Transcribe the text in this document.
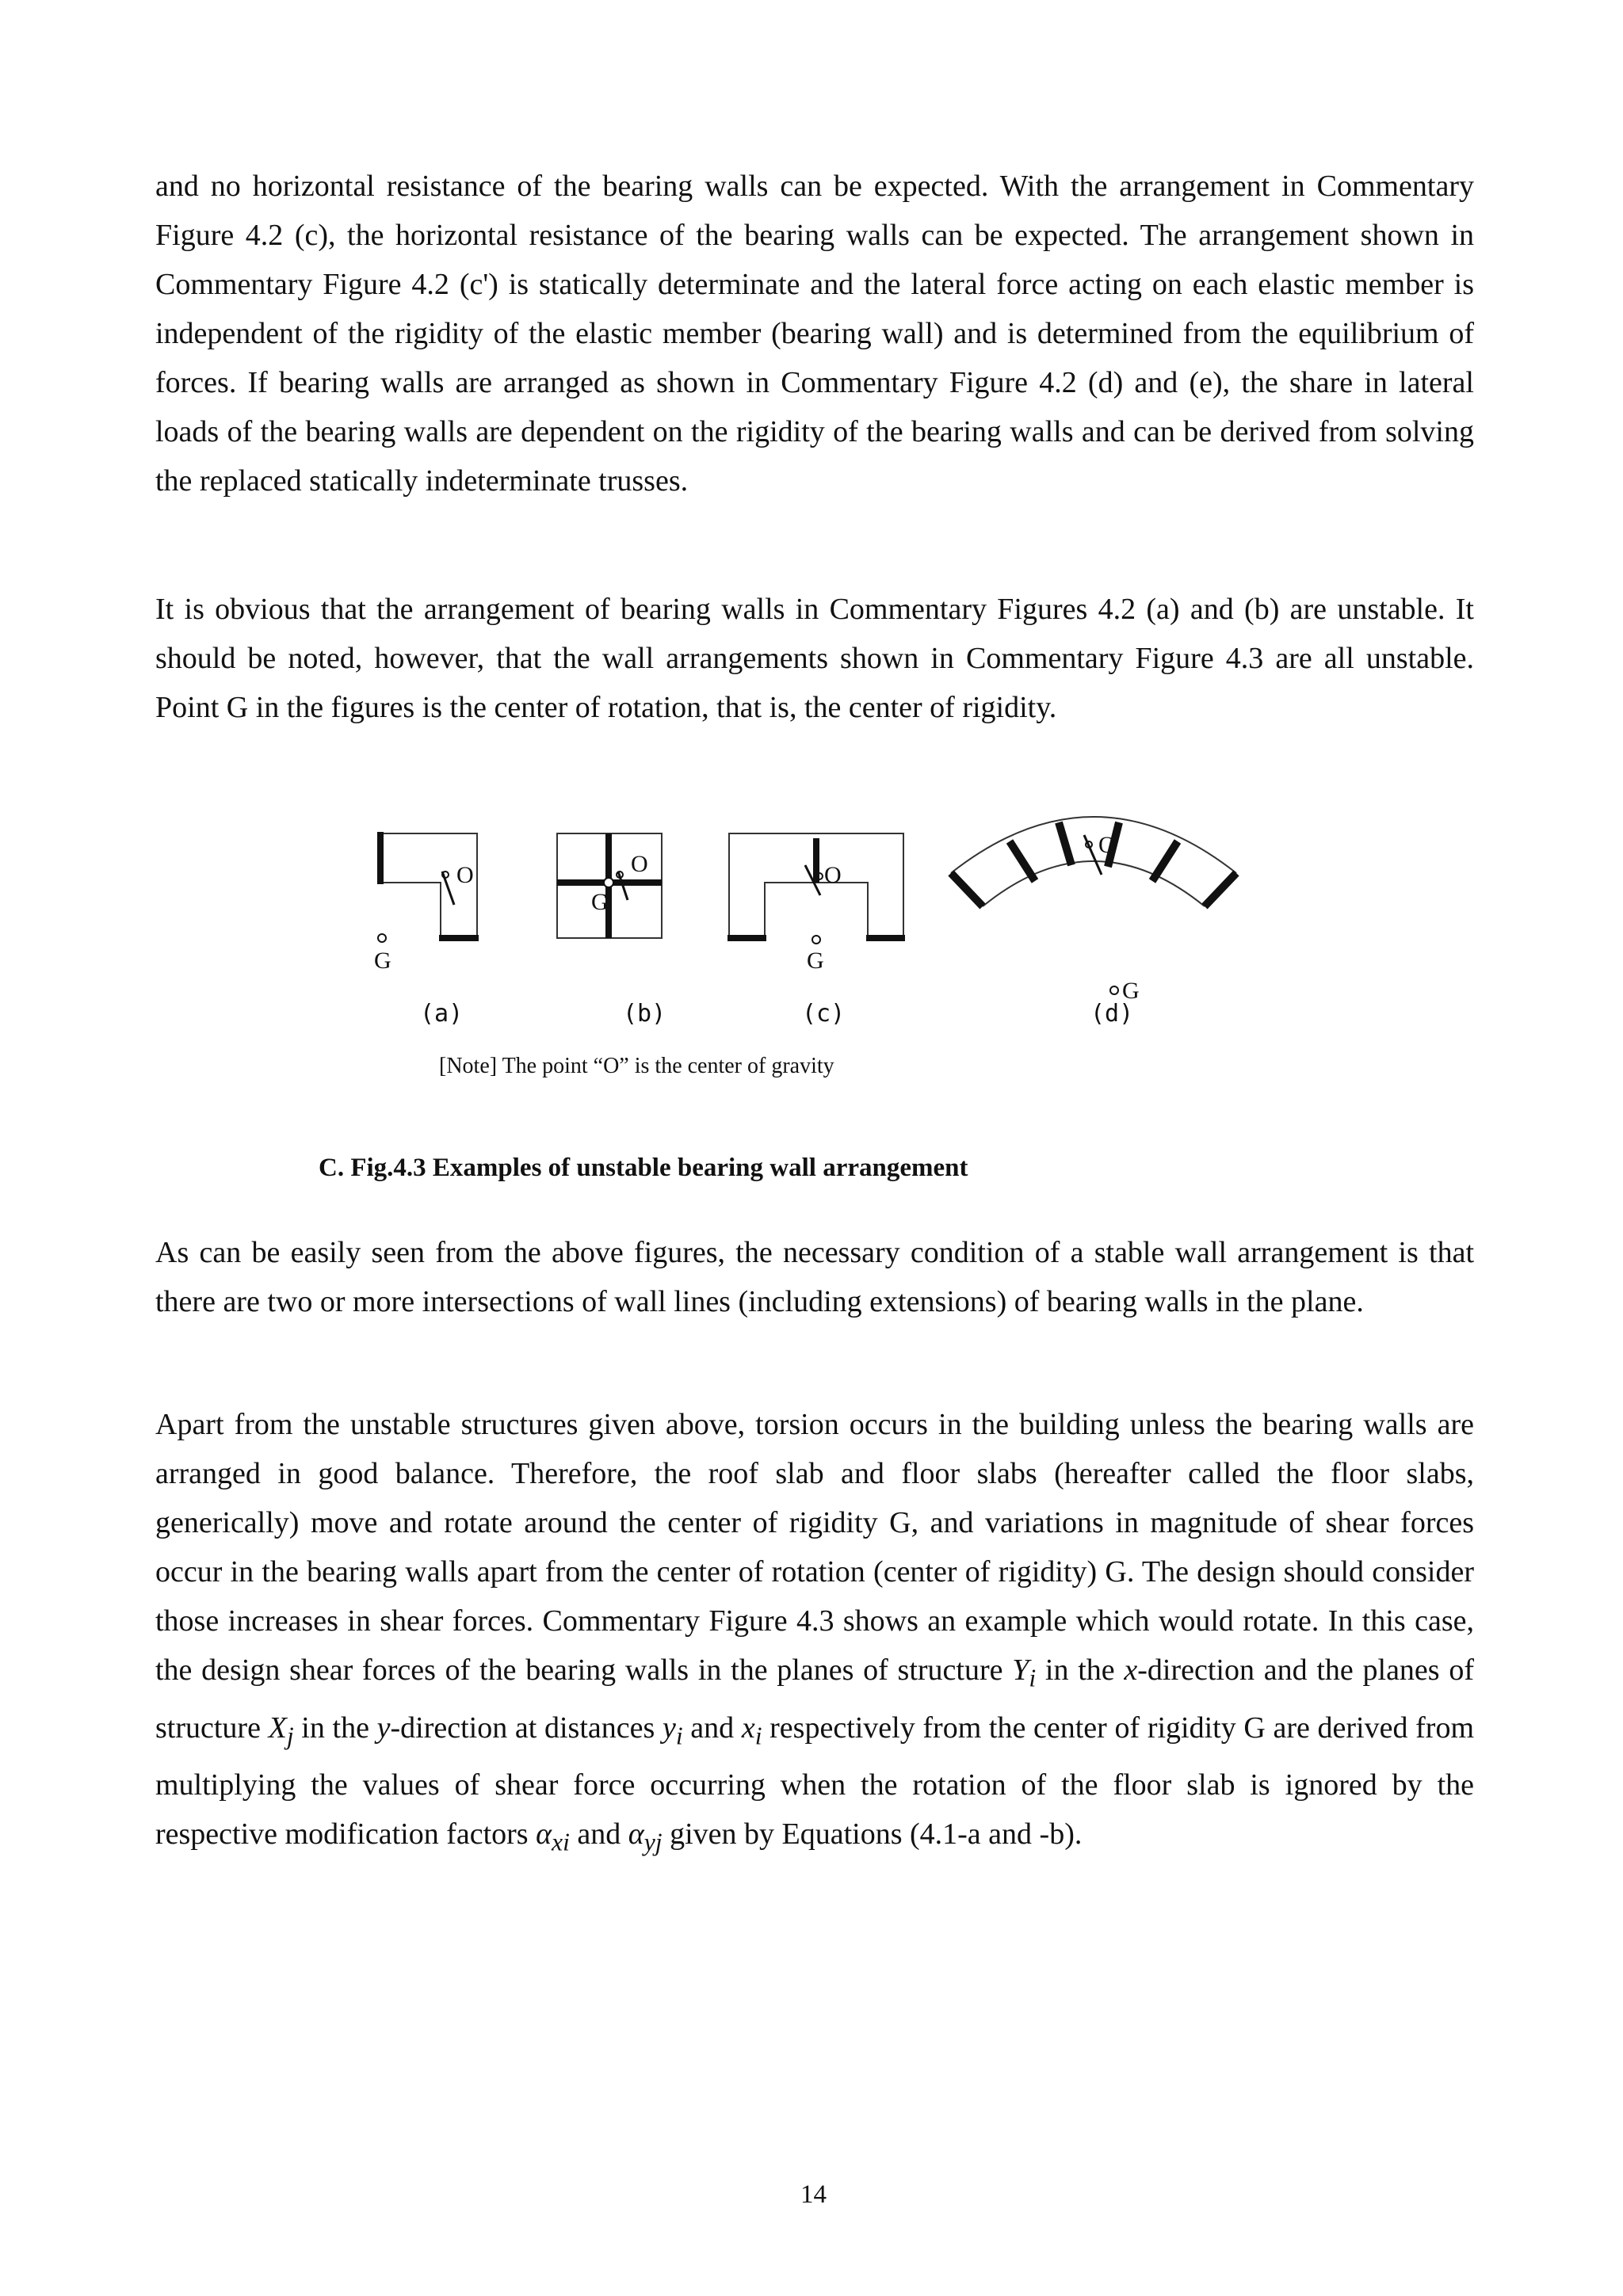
and no horizontal resistance of the bearing walls can be expected. With the arrangement in Commentary Figure 4.2 (c), the horizontal resistance of the bearing walls can be expected. The arrangement shown in Commentary Figure 4.2 (c') is statically determinate and the lateral force acting on each elastic member is independent of the rigidity of the elastic member (bearing wall) and is determined from the equilibrium of forces. If bearing walls are arranged as shown in Commentary Figure 4.2 (d) and (e), the share in lateral loads of the bearing walls are dependent on the rigidity of the bearing walls and can be derived from solving the replaced statically indeterminate trusses.

It is obvious that the arrangement of bearing walls in Commentary Figures 4.2 (a) and (b) are unstable. It should be noted, however, that the wall arrangements shown in Commentary Figure 4.3 are all unstable. Point G in the figures is the center of rotation, that is, the center of rigidity.

O
G
O
G
O
G
O
G
(a)	(b)	(c)	(d)

[Note] The point “O” is the center of gravity

C. Fig.4.3 Examples of unstable bearing wall arrangement

As can be easily seen from the above figures, the necessary condition of a stable wall arrangement is that there are two or more intersections of wall lines (including extensions) of bearing walls in the plane.

Apart from the unstable structures given above, torsion occurs in the building unless the bearing walls are arranged in good balance. Therefore, the roof slab and floor slabs (hereafter called the floor slabs, generically) move and rotate around the center of rigidity G, and variations in magnitude of shear forces occur in the bearing walls apart from the center of rotation (center of rigidity) G. The design should consider those increases in shear forces. Commentary Figure 4.3 shows an example which would rotate. In this case, the design shear forces of the bearing walls in the planes of structure $Y_i$ in the x-direction and the planes of structure $X_j$ in the y-direction at distances $y_i$ and $x_i$ respectively from the center of rigidity G are derived from multiplying the values of shear force occurring when the rotation of the floor slab is ignored by the respective modification factors $\alpha_{xi}$ and $\alpha_{yj}$ given by Equations (4.1-a and -b).

14
